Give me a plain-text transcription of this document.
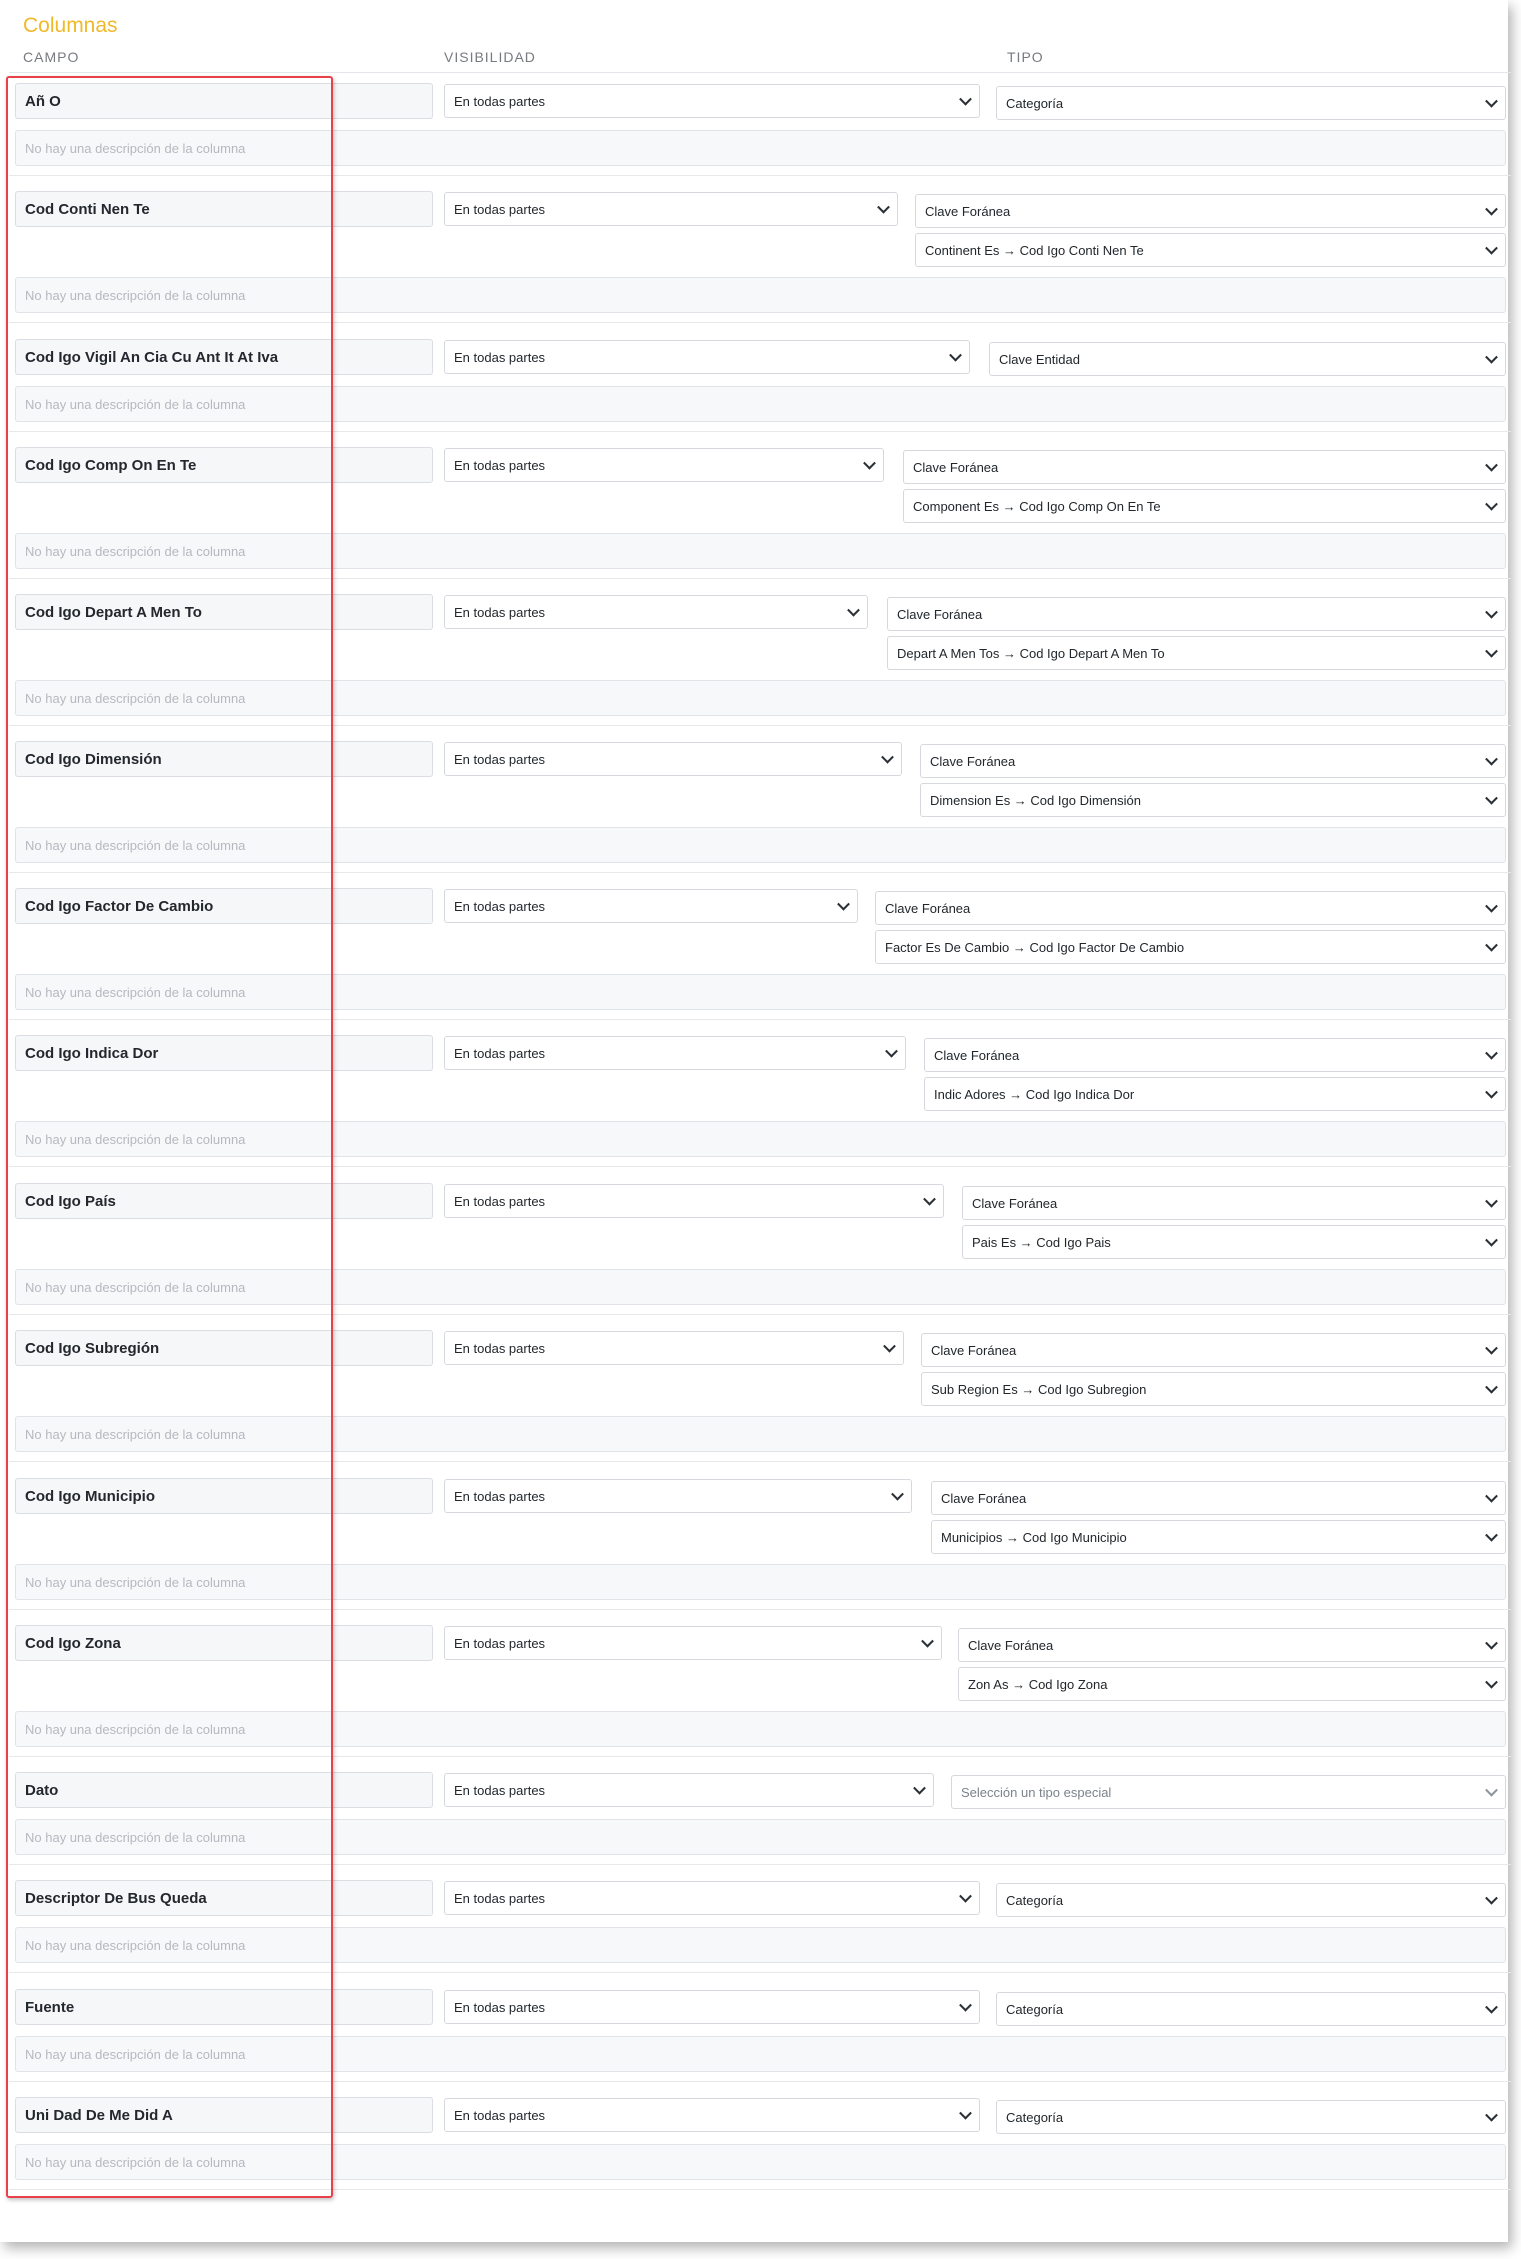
Columnas
CAMPO	VISIBILIDAD	TIPO
Añ O	En todas partes	Categoría
No hay una descripción de la columna
Cod Conti Nen Te	En todas partes	Clave Foránea
Continent Es → Cod Igo Conti Nen Te
No hay una descripción de la columna
Cod Igo Vigil An Cia Cu Ant It At Iva	En todas partes	Clave Entidad
No hay una descripción de la columna
Cod Igo Comp On En Te	En todas partes	Clave Foránea
Component Es → Cod Igo Comp On En Te
No hay una descripción de la columna
Cod Igo Depart A Men To	En todas partes	Clave Foránea
Depart A Men Tos → Cod Igo Depart A Men To
No hay una descripción de la columna
Cod Igo Dimensión	En todas partes	Clave Foránea
Dimension Es → Cod Igo Dimensión
No hay una descripción de la columna
Cod Igo Factor De Cambio	En todas partes	Clave Foránea
Factor Es De Cambio → Cod Igo Factor De Cambio
No hay una descripción de la columna
Cod Igo Indica Dor	En todas partes	Clave Foránea
Indic Adores → Cod Igo Indica Dor
No hay una descripción de la columna
Cod Igo País	En todas partes	Clave Foránea
Pais Es → Cod Igo Pais
No hay una descripción de la columna
Cod Igo Subregión	En todas partes	Clave Foránea
Sub Region Es → Cod Igo Subregion
No hay una descripción de la columna
Cod Igo Municipio	En todas partes	Clave Foránea
Municipios → Cod Igo Municipio
No hay una descripción de la columna
Cod Igo Zona	En todas partes	Clave Foránea
Zon As → Cod Igo Zona
No hay una descripción de la columna
Dato	En todas partes	Selección un tipo especial
No hay una descripción de la columna
Descriptor De Bus Queda	En todas partes	Categoría
No hay una descripción de la columna
Fuente	En todas partes	Categoría
No hay una descripción de la columna
Uni Dad De Me Did A	En todas partes	Categoría
No hay una descripción de la columna
